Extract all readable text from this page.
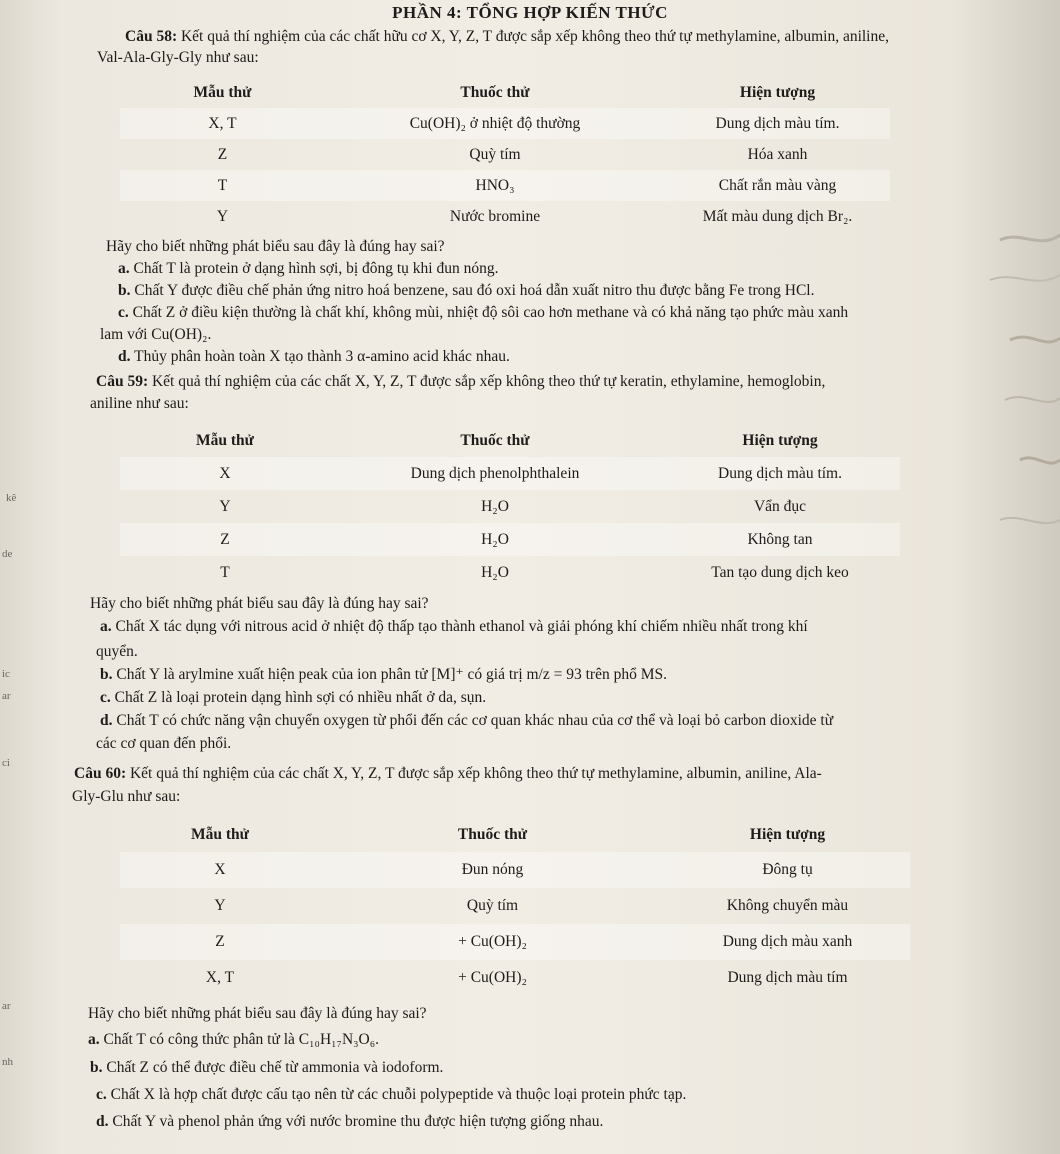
PHẦN 4: TỔNG HỢP KIẾN THỨC
Câu 58: Kết quả thí nghiệm của các chất hữu cơ X, Y, Z, T được sắp xếp không theo thứ tự methylamine, albumin, aniline,
Val-Ala-Gly-Gly như sau:
Mẫu thử	Thuốc thử	Hiện tượng
X, T	Cu(OH)₂ ở nhiệt độ thường	Dung dịch màu tím.
Z	Quỳ tím	Hóa xanh
T	HNO₃	Chất rắn màu vàng
Y	Nước bromine	Mất màu dung dịch Br₂.
Hãy cho biết những phát biểu sau đây là đúng hay sai?
a. Chất T là protein ở dạng hình sợi, bị đông tụ khi đun nóng.
b. Chất Y được điều chế phản ứng nitro hoá benzene, sau đó oxi hoá dẫn xuất nitro thu được bằng Fe trong HCl.
c. Chất Z ở điều kiện thường là chất khí, không mùi, nhiệt độ sôi cao hơn methane và có khả năng tạo phức màu xanh
lam với Cu(OH)₂.
d. Thủy phân hoàn toàn X tạo thành 3 α-amino acid khác nhau.
Câu 59: Kết quả thí nghiệm của các chất X, Y, Z, T được sắp xếp không theo thứ tự keratin, ethylamine, hemoglobin,
aniline như sau:
Mẫu thử	Thuốc thử	Hiện tượng
X	Dung dịch phenolphthalein	Dung dịch màu tím.
Y	H₂O	Vẩn đục
Z	H₂O	Không tan
T	H₂O	Tan tạo dung dịch keo
Hãy cho biết những phát biểu sau đây là đúng hay sai?
a. Chất X tác dụng với nitrous acid ở nhiệt độ thấp tạo thành ethanol và giải phóng khí chiếm nhiều nhất trong khí
quyển.
b. Chất Y là arylmine xuất hiện peak của ion phân tử [M]⁺ có giá trị m/z = 93 trên phổ MS.
c. Chất Z là loại protein dạng hình sợi có nhiều nhất ở da, sụn.
d. Chất T có chức năng vận chuyển oxygen từ phổi đến các cơ quan khác nhau của cơ thể và loại bỏ carbon dioxide từ
các cơ quan đến phổi.
Câu 60: Kết quả thí nghiệm của các chất X, Y, Z, T được sắp xếp không theo thứ tự methylamine, albumin, aniline, Ala-
Gly-Glu như sau:
Mẫu thử	Thuốc thử	Hiện tượng
X	Đun nóng	Đông tụ
Y	Quỳ tím	Không chuyển màu
Z	+ Cu(OH)₂	Dung dịch màu xanh
X, T	+ Cu(OH)₂	Dung dịch màu tím
Hãy cho biết những phát biểu sau đây là đúng hay sai?
a. Chất T có công thức phân tử là C₁₀H₁₇N₃O₆.
b. Chất Z có thể được điều chế từ ammonia và iodoform.
c. Chất X là hợp chất được cấu tạo nên từ các chuỗi polypeptide và thuộc loại protein phức tạp.
d. Chất Y và phenol phản ứng với nước bromine thu được hiện tượng giống nhau.
kê
de
ic
ar
ci
ar
nh
